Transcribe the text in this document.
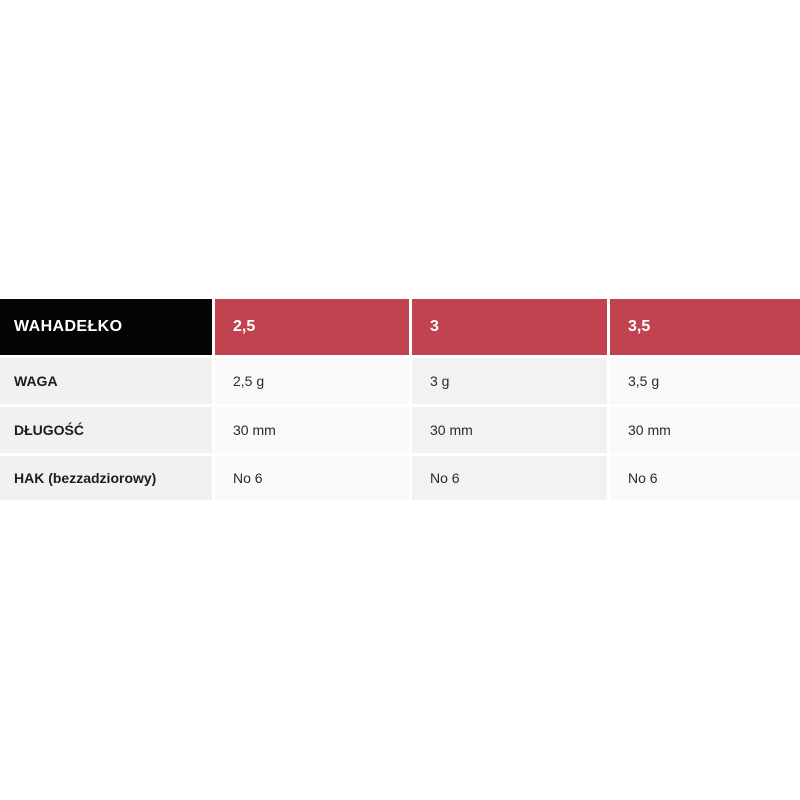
WAHADEŁKO	2,5	3	3,5
WAGA	2,5 g	3 g	3,5 g
DŁUGOŚĆ	30 mm	30 mm	30 mm
HAK (bezzadziorowy)	No 6	No 6	No 6
